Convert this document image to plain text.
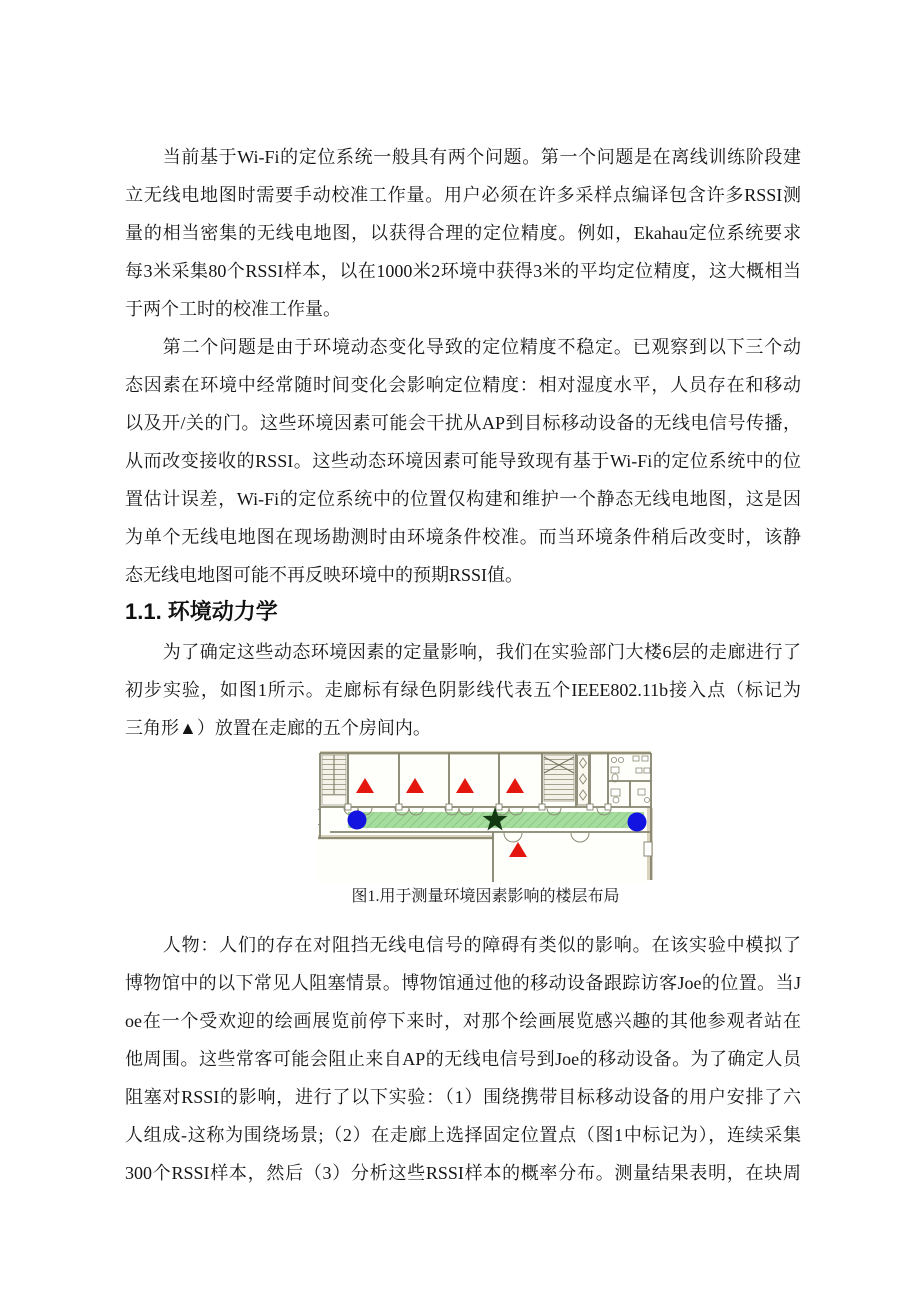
当前基于Wi-Fi的定位系统一般具有两个问题。第一个问题是在离线训练阶段建
立无线电地图时需要手动校准工作量。用户必须在许多采样点编译包含许多RSSI测
量的相当密集的无线电地图，以获得合理的定位精度。例如，Ekahau定位系统要求
每3米采集80个RSSI样本，以在1000米2环境中获得3米的平均定位精度，这大概相当
于两个工时的校准工作量。
第二个问题是由于环境动态变化导致的定位精度不稳定。已观察到以下三个动
态因素在环境中经常随时间变化会影响定位精度：相对湿度水平，人员存在和移动
以及开/关的门。这些环境因素可能会干扰从AP到目标移动设备的无线电信号传播，
从而改变接收的RSSI。这些动态环境因素可能导致现有基于Wi-Fi的定位系统中的位
置估计误差，Wi-Fi的定位系统中的位置仅构建和维护一个静态无线电地图，这是因
为单个无线电地图在现场勘测时由环境条件校准。而当环境条件稍后改变时，该静
态无线电地图可能不再反映环境中的预期RSSI值。
1.1. 环境动力学
为了确定这些动态环境因素的定量影响，我们在实验部门大楼6层的走廊进行了
初步实验，如图1所示。走廊标有绿色阴影线代表五个IEEE802.11b接入点（标记为
三角形▲）放置在走廊的五个房间内。
图1.用于测量环境因素影响的楼层布局
人物：人们的存在对阻挡无线电信号的障碍有类似的影响。在该实验中模拟了
博物馆中的以下常见人阻塞情景。博物馆通过他的移动设备跟踪访客Joe的位置。当J
oe在一个受欢迎的绘画展览前停下来时，对那个绘画展览感兴趣的其他参观者站在
他周围。这些常客可能会阻止来自AP的无线电信号到Joe的移动设备。为了确定人员
阻塞对RSSI的影响，进行了以下实验：（1）围绕携带目标移动设备的用户安排了六
人组成-这称为围绕场景;（2）在走廊上选择固定位置点（图1中标记为），连续采集
300个RSSI样本，然后（3）分析这些RSSI样本的概率分布。测量结果表明，在块周
